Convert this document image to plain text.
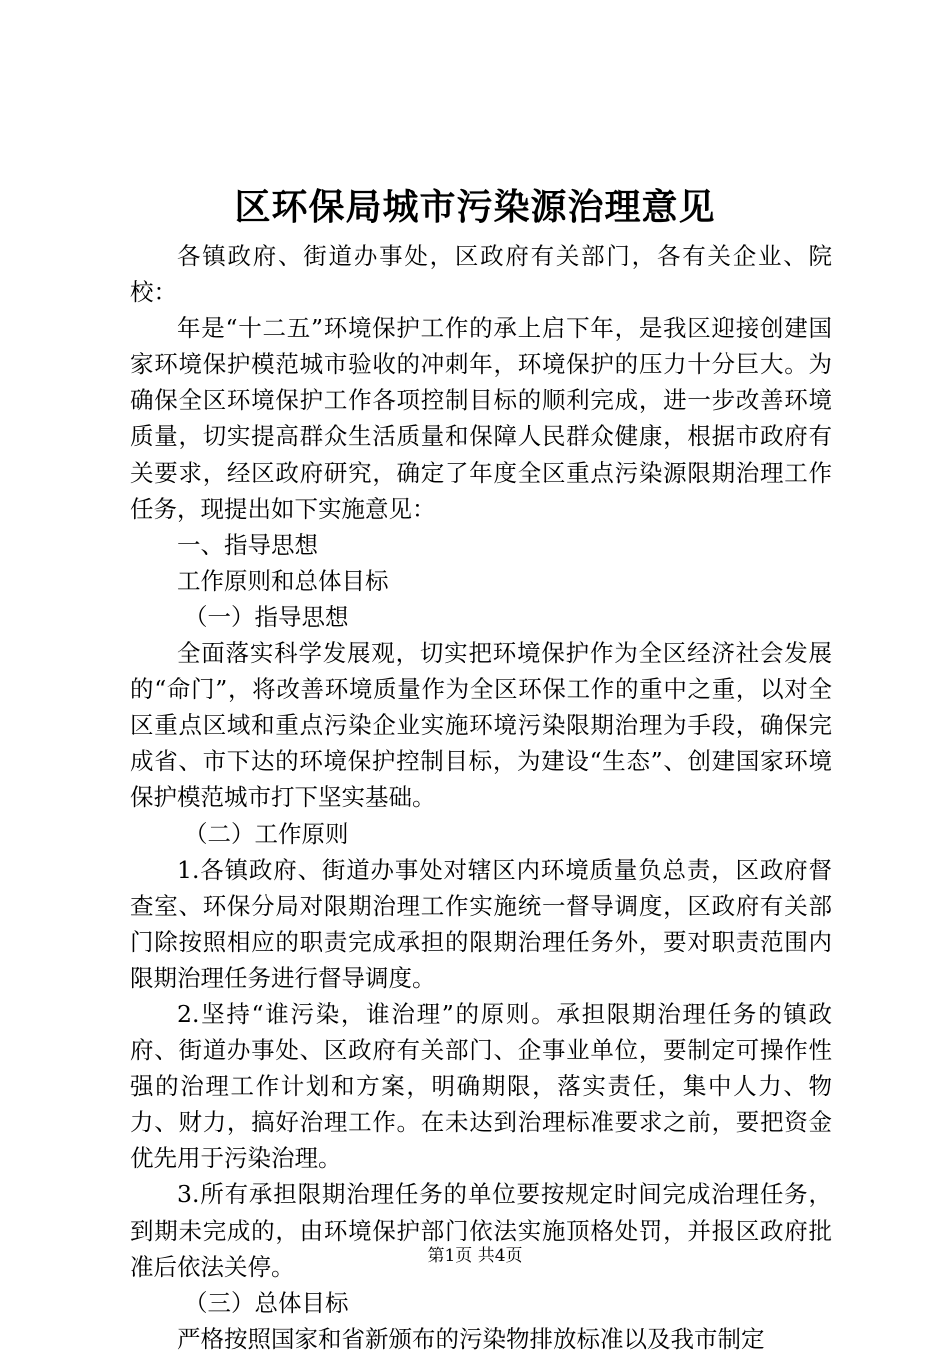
区环保局城市污染源治理意见

各镇政府、街道办事处，区政府有关部门，各有关企业、院校：

年是“十二五”环境保护工作的承上启下年，是我区迎接创建国家环境保护模范城市验收的冲刺年，环境保护的压力十分巨大。为确保全区环境保护工作各项控制目标的顺利完成，进一步改善环境质量，切实提高群众生活质量和保障人民群众健康，根据市政府有关要求，经区政府研究，确定了年度全区重点污染源限期治理工作任务，现提出如下实施意见：

一、指导思想

工作原则和总体目标

（一）指导思想

全面落实科学发展观，切实把环境保护作为全区经济社会发展的“命门”，将改善环境质量作为全区环保工作的重中之重，以对全区重点区域和重点污染企业实施环境污染限期治理为手段，确保完成省、市下达的环境保护控制目标，为建设“生态”、创建国家环境保护模范城市打下坚实基础。

（二）工作原则

1.各镇政府、街道办事处对辖区内环境质量负总责，区政府督查室、环保分局对限期治理工作实施统一督导调度，区政府有关部门除按照相应的职责完成承担的限期治理任务外，要对职责范围内限期治理任务进行督导调度。

2.坚持“谁污染，谁治理”的原则。承担限期治理任务的镇政府、街道办事处、区政府有关部门、企事业单位，要制定可操作性强的治理工作计划和方案，明确期限，落实责任，集中人力、物力、财力，搞好治理工作。在未达到治理标准要求之前，要把资金优先用于污染治理。

3.所有承担限期治理任务的单位要按规定时间完成治理任务，到期未完成的，由环境保护部门依法实施顶格处罚，并报区政府批准后依法关停。

（三）总体目标

严格按照国家和省新颁布的污染物排放标准以及我市制定

第1页 共4页
